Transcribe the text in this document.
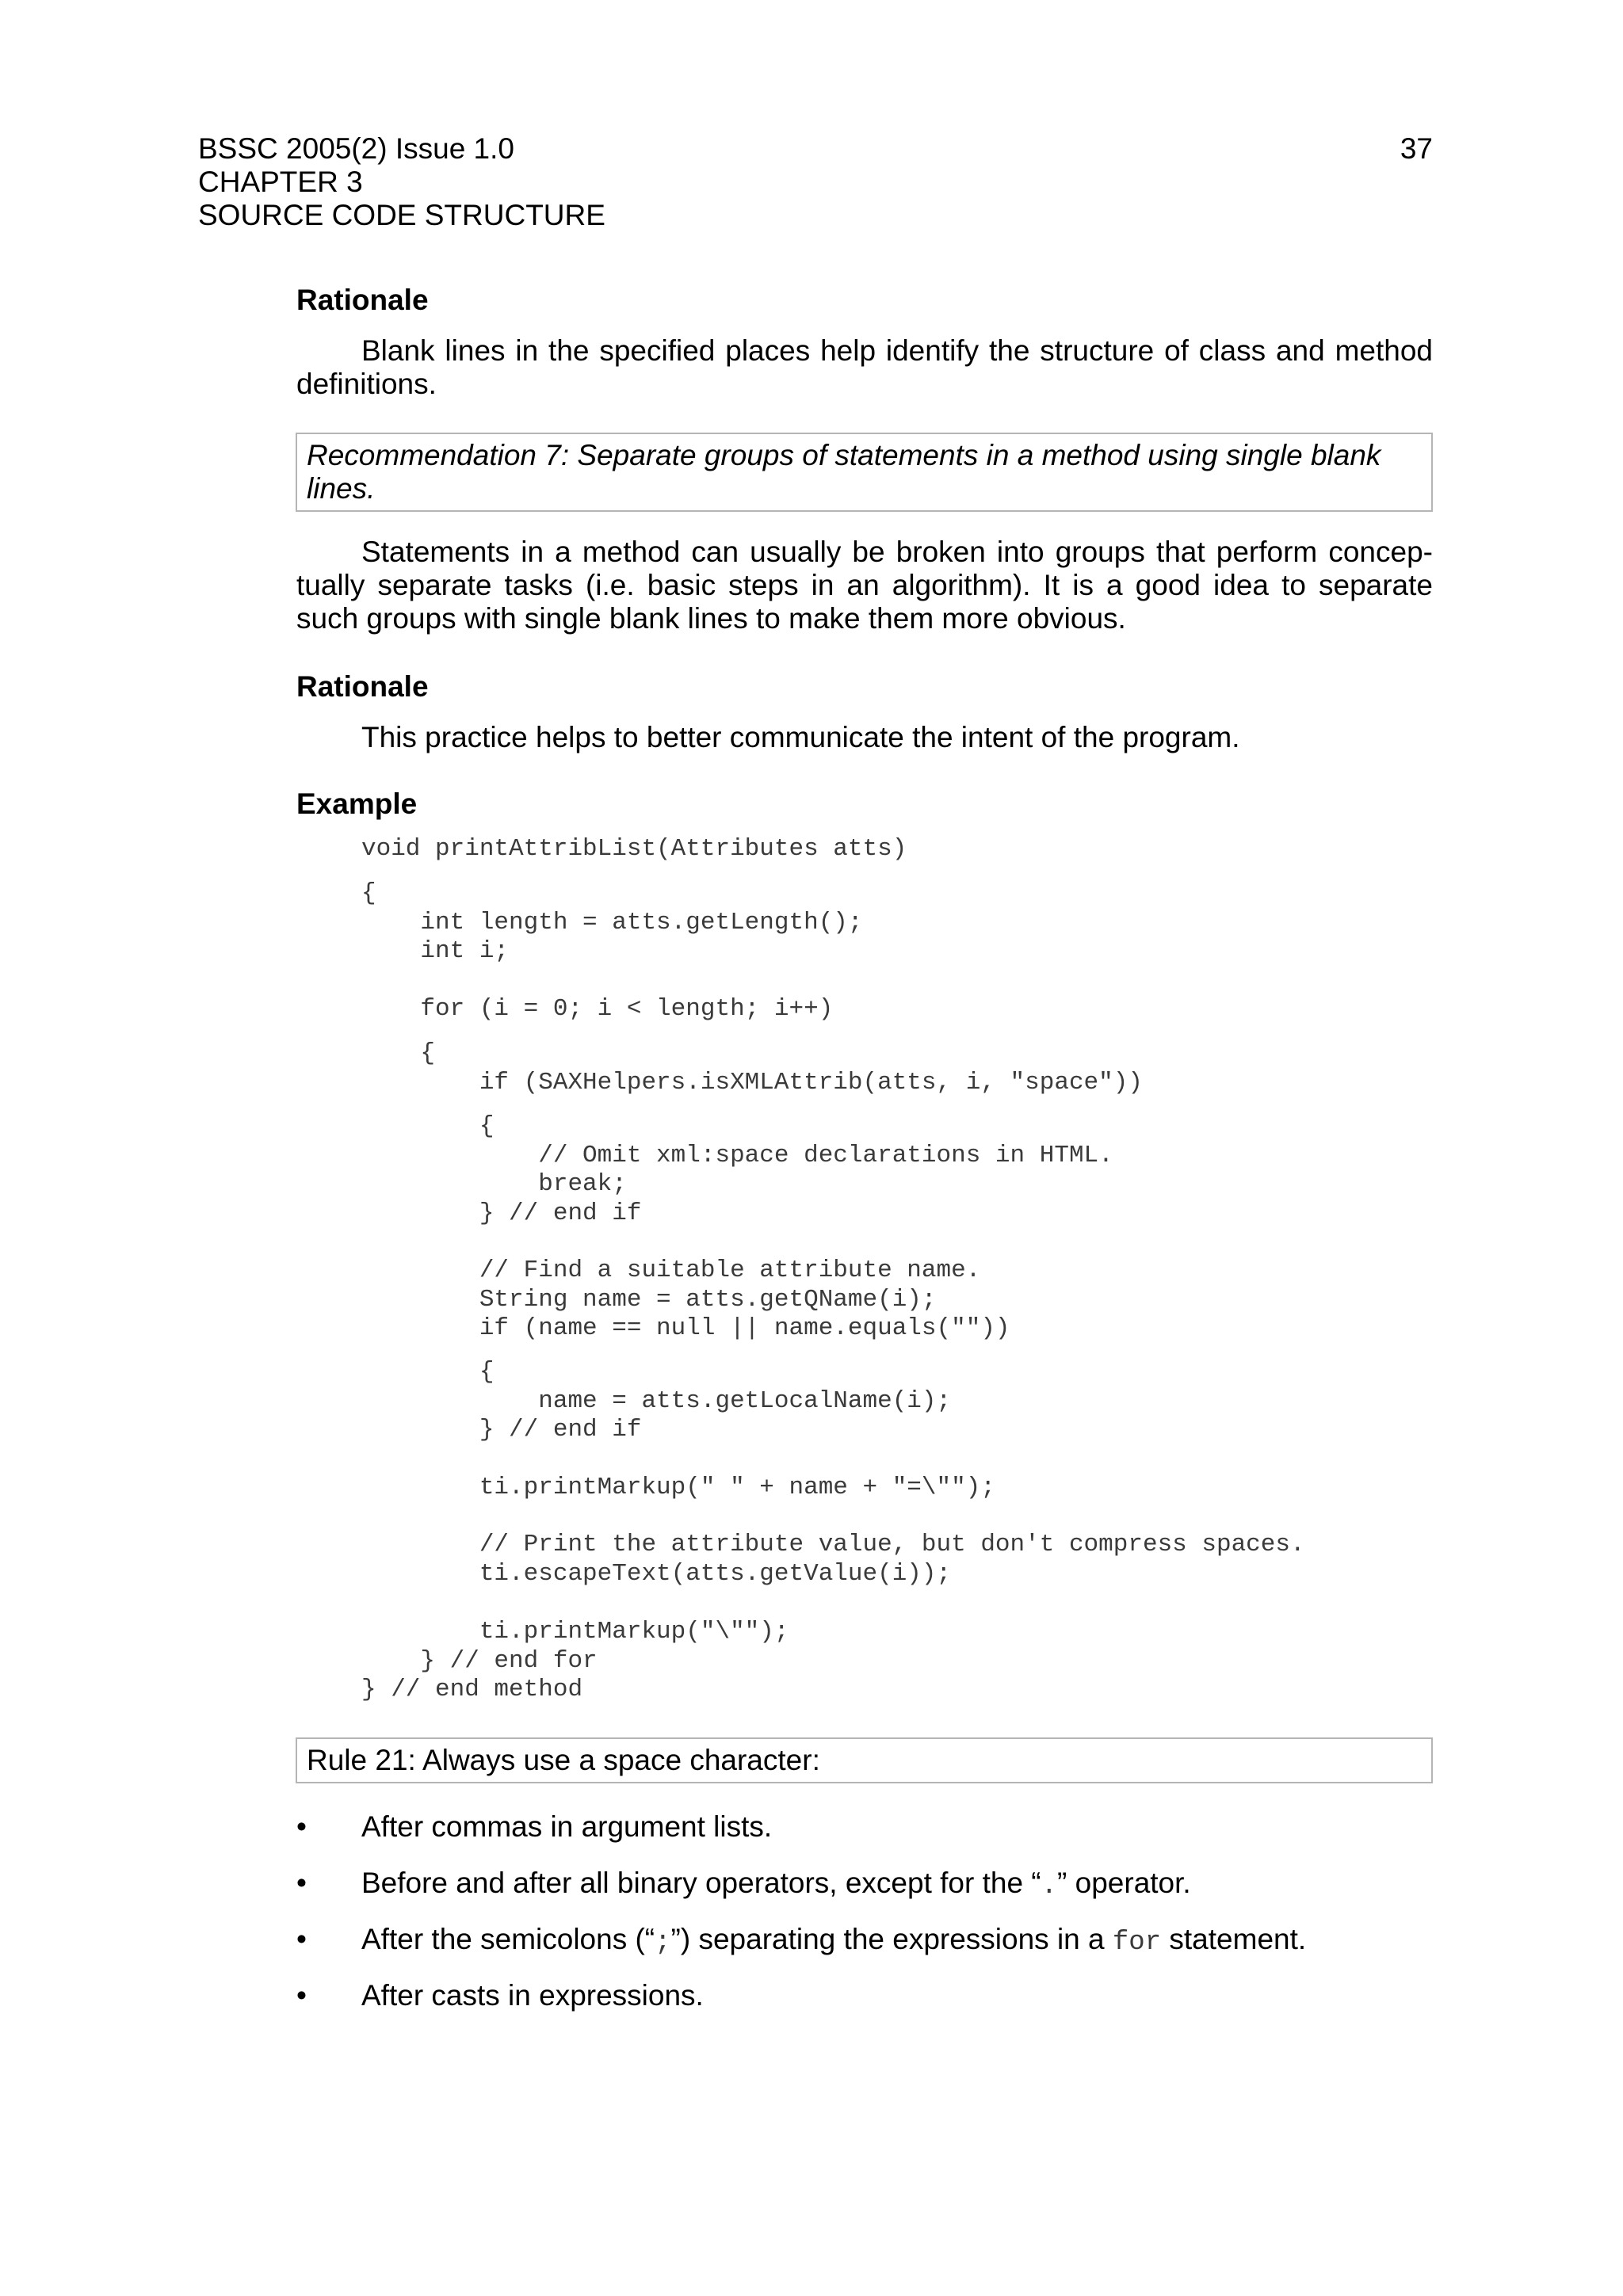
BSSC 2005(2) Issue 1.0
CHAPTER 3
SOURCE CODE STRUCTURE
37
Rationale
Blank lines in the specified places help identify the structure of class and method definitions.
Recommendation 7: Separate groups of statements in a method using single blank lines.
Statements in a method can usually be broken into groups that perform concep-tually separate tasks (i.e. basic steps in an algorithm). It is a good idea to separate such groups with single blank lines to make them more obvious.
Rationale
This practice helps to better communicate the intent of the program.
Example
void printAttribList(Attributes atts)
{
int length = atts.getLength();
int i;
for (i = 0; i < length; i++)
{
if (SAXHelpers.isXMLAttrib(atts, i, "space"))
{
// Omit xml:space declarations in HTML.
break;
} // end if
// Find a suitable attribute name.
String name = atts.getQName(i);
if (name == null || name.equals(""))
{
name = atts.getLocalName(i);
} // end if
ti.printMarkup(" " + name + "=\"");
// Print the attribute value, but don't compress spaces.
ti.escapeText(atts.getValue(i));
ti.printMarkup("\"");
} // end for
} // end method
Rule 21: Always use a space character:
• After commas in argument lists.
• Before and after all binary operators, except for the “.” operator.
• After the semicolons (“;”) separating the expressions in a for statement.
• After casts in expressions.
